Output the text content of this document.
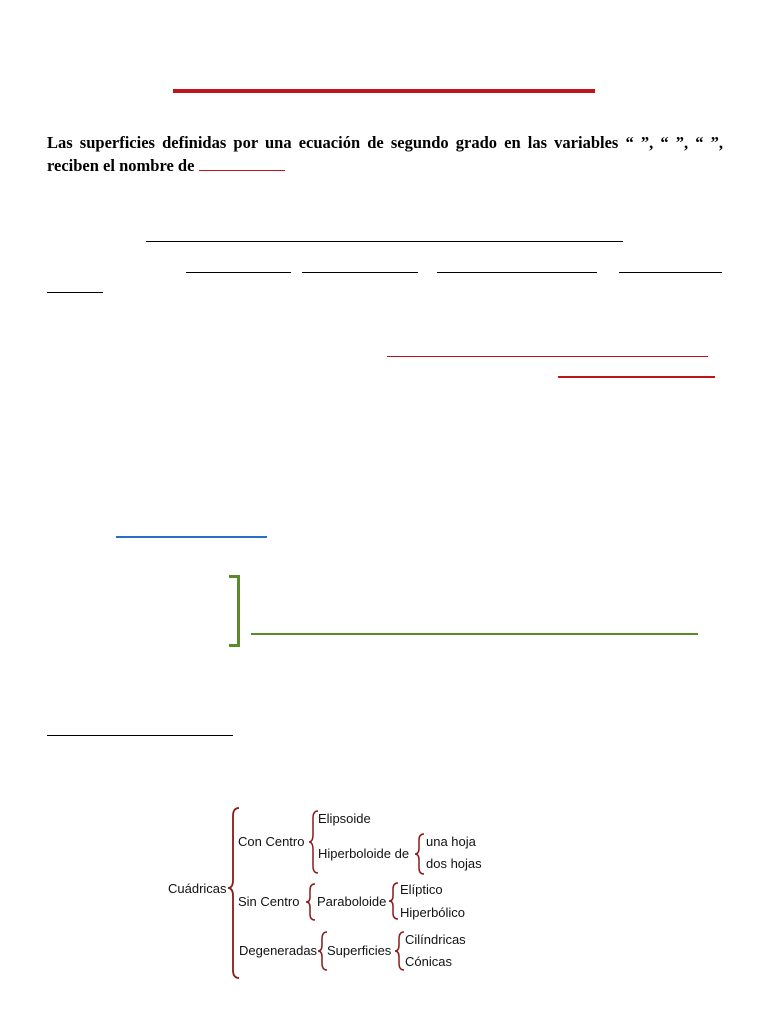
Las superficies definidas por una ecuación de segundo grado en las variables “ ”, “ ”, “ ”, reciben el nombre de
Cuádricas
Con Centro
Elipsoide
Hiperboloide de
una hoja
dos hojas
Sin Centro Paraboloide
Elíptico
Hiperbólico
Degeneradas Superficies
Cilíndricas
Cónicas
